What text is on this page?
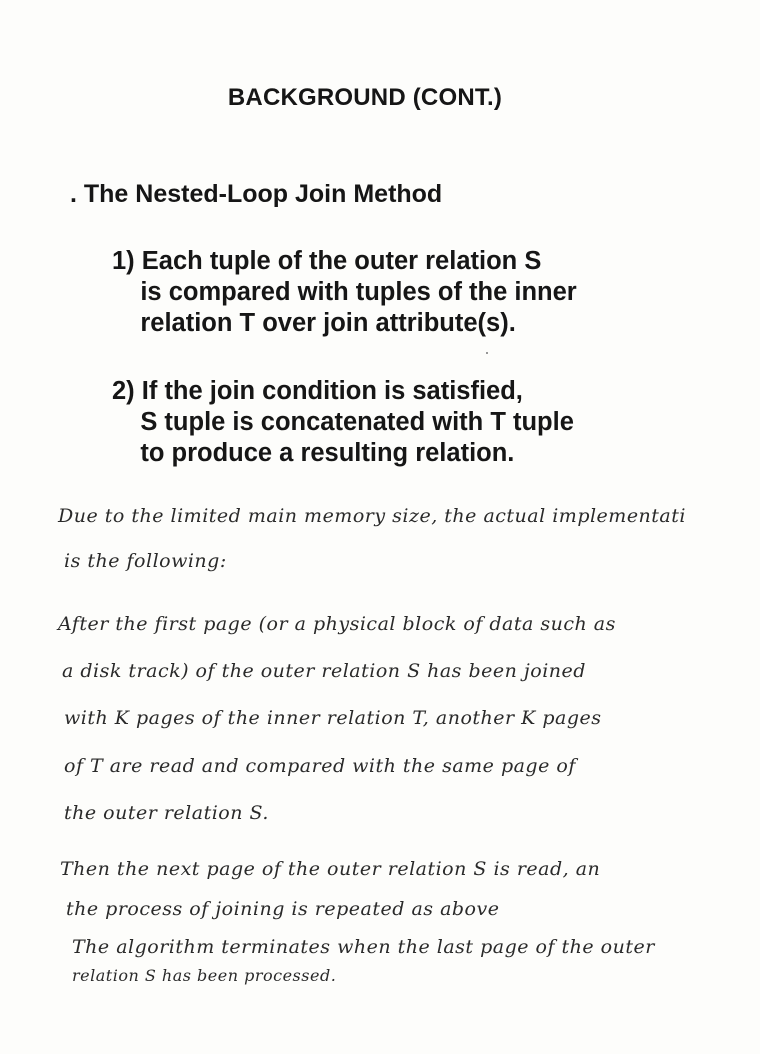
BACKGROUND (CONT.)
. The Nested-Loop Join Method
1) Each tuple of the outer relation S
is compared with tuples of the inner
relation T over join attribute(s).
2) If the join condition is satisfied,
S tuple is concatenated with T tuple
to produce a resulting relation.
Due to the limited main memory size, the actual implementati
is the following:
After the first page (or a physical block of data such as
a disk track) of the outer relation S has been joined
with K pages of the inner relation T, another K pages
of T are read and compared with the same page of
the outer relation S.
Then the next page of the outer relation S is read, an
the process of joining is repeated as above
The algorithm terminates when the last page of the outer
relation S has been processed.
